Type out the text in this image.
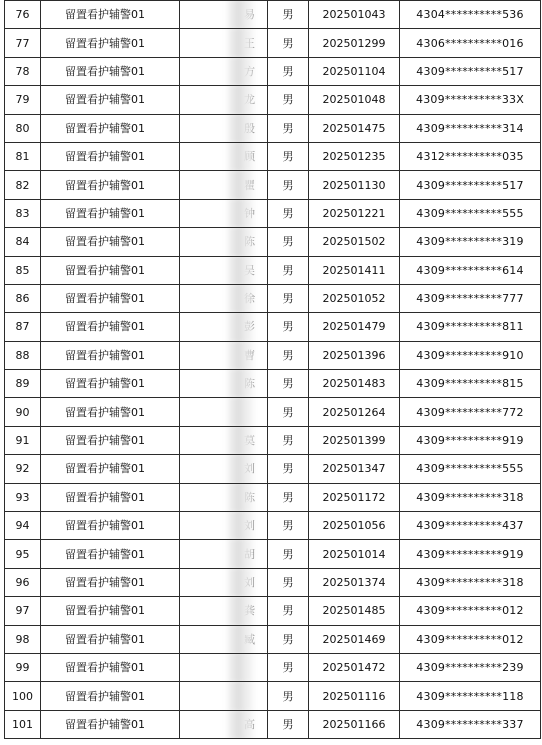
76	留置看护辅警01		男	202501043	4304**********536
77	留置看护辅警01		男	202501299	4306**********016
78	留置看护辅警01		男	202501104	4309**********517
79	留置看护辅警01		男	202501048	4309**********33X
80	留置看护辅警01		男	202501475	4309**********314
81	留置看护辅警01		男	202501235	4312**********035
82	留置看护辅警01		男	202501130	4309**********517
83	留置看护辅警01		男	202501221	4309**********555
84	留置看护辅警01		男	202501502	4309**********319
85	留置看护辅警01		男	202501411	4309**********614
86	留置看护辅警01		男	202501052	4309**********777
87	留置看护辅警01		男	202501479	4309**********811
88	留置看护辅警01		男	202501396	4309**********910
89	留置看护辅警01		男	202501483	4309**********815
90	留置看护辅警01		男	202501264	4309**********772
91	留置看护辅警01		男	202501399	4309**********919
92	留置看护辅警01		男	202501347	4309**********555
93	留置看护辅警01		男	202501172	4309**********318
94	留置看护辅警01		男	202501056	4309**********437
95	留置看护辅警01		男	202501014	4309**********919
96	留置看护辅警01		男	202501374	4309**********318
97	留置看护辅警01		男	202501485	4309**********012
98	留置看护辅警01		男	202501469	4309**********012
99	留置看护辅警01		男	202501472	4309**********239
100	留置看护辅警01		男	202501116	4309**********118
101	留置看护辅警01		男	202501166	4309**********337
